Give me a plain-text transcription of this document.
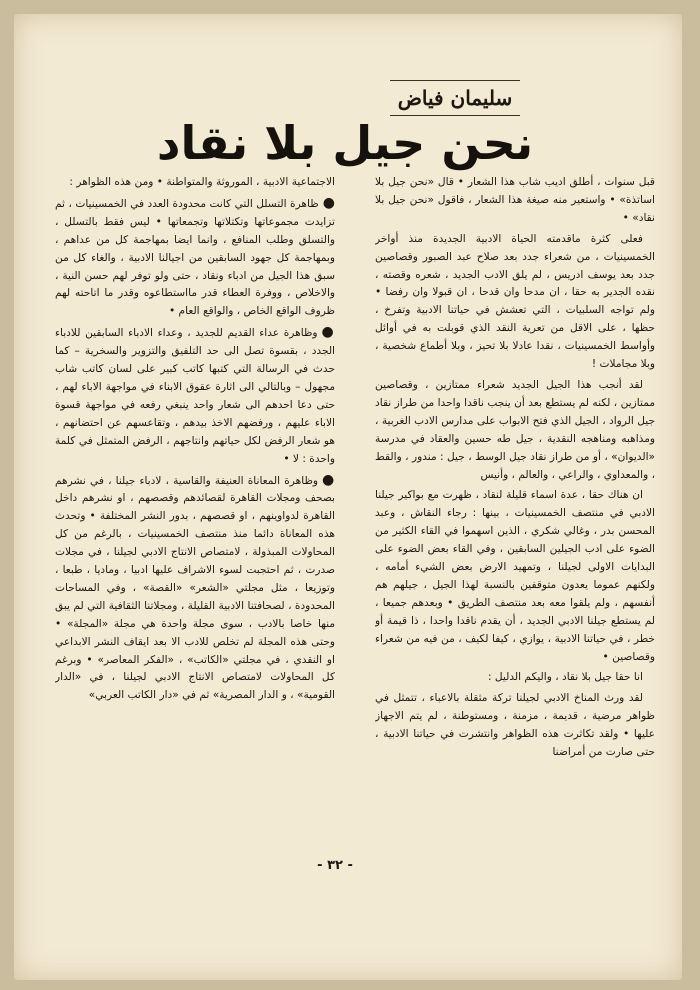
سليمان فياض
نحن جيل بلا نقاد

قبل سنوات ، أطلق اديب شاب هذا الشعار • قال «نحن جيل بلا اساتذة» • واستعير منه صيغة هذا الشعار ، فاقول «نحن جيل بلا نقاد» •

فعلى كثرة ماقدمته الحياة الادبية الجديدة منذ أواخر الخمسينيات ، من شعراء جدد بعد صلاح عبد الصبور وقصاصين جدد بعد يوسف ادريس ، لم يلق الادب الجديد ، شعره وقصته ، نقده الجدير به حقا ، ان مدحا وان قدحا ، ان قبولا وان رفضا • ولم تواجه السلبيات ، التي تعشش في حياتنا الادبية وتفرخ ، حظها ، على الاقل من تعرية النقد الذي قوبلت به في أوائل وأواسط الخمسينيات ، نقدا عادلا بلا تحيز ، وبلا أطماع شخصية ، وبلا مجاملات !

لقد أنجب هذا الجيل الجديد شعراء ممتازين ، وقصاصين ممتازين ، لكنه لم يستطع بعد أن ينجب ناقدا واحدا من طراز نقاد جيل الرواد ، الجيل الذي فتح الابواب على مدارس الادب الغربية ، ومذاهبه ومناهجه النقدية ، جيل طه حسين والعقاد في مدرسة «الديوان» ، أو من طراز نقاد جيل الوسط ، جيل : مندور ، والقط ، والمعداوي ، والراعي ، والعالم ، وأنيس

ان هناك حقا ، عدة اسماء قليلة لنقاد ، ظهرت مع بواكير جيلنا الادبي في منتصف الخمسينيات ، بينها : رجاء النقاش ، وعبد المحسن بدر ، وغالي شكري ، الذين اسهموا في القاء الكثير من الضوء على ادب الجيلين السابقين ، وفي القاء بعض الضوء على البدايات الاولى لجيلنا ، وتمهيد الارض بعض الشيء أمامه ، ولكنهم عموما يعدون متوقفين بالنسبة لهذا الجيل ، جيلهم هم أنفسهم ، ولم يلقوا معه بعد منتصف الطريق • وبعدهم جميعا ، لم يستطع جيلنا الادبي الجديد ، أن يقدم ناقدا واحدا ، ذا قيمة أو خطر ، في حياتنا الادبية ، يوازي ، كيفا لكيف ، من فيه من شعراء وقصاصين •

انا حقا جيل بلا نقاد ، واليكم الدليل :

لقد ورث المناخ الادبي لجيلنا تركة مثقلة بالاعباء ، تتمثل في ظواهر مرضية ، قديمة ، مزمنة ، ومستوطنة ، لم يتم الاجهاز عليها • ولقد تكاثرت هذه الظواهر وانتشرت في حياتنا الادبية ، حتى صارت من أمراضنا

الاجتماعية الادبية ، الموروثة والمتواطنة • ومن هذه الظواهر :

●ظاهرة التسلل التي كانت محدودة العدد في الخمسينيات ، ثم تزايدت مجموعاتها وتكتلاتها وتجمعاتها • ليس فقط بالتسلل ، والتسلق وطلب المنافع ، وانما ايضا بمهاجمة كل من عداهم ، وبمهاجمة كل جهود السابقين من اجيالنا الادبية ، والغاء كل من سبق هذا الجيل من ادباء ونقاد ، حتى ولو توفر لهم حسن النية ، والاخلاص ، ووفرة العطاء قدر مااستطاعوه وقدر ما اتاحته لهم ظروف الواقع الخاص ، والواقع العام •

●وظاهرة عداء القديم للجديد ، وعداء الادباء السابقين للادباء الجدد ، بقسوة تصل الى حد التلفيق والتزوير والسخرية – كما حدث في الرسالة التي كتبها كاتب كبير على لسان كاتب شاب مجهول – وبالتالي الى اثارة عقوق الابناء في مواجهة الاباء لهم ، حتى دعا احدهم الى شعار واحد ينبغي رفعه في مواجهة قسوة الاباء عليهم ، ورفضهم الاخذ بيدهم ، وتقاعسهم عن احتضانهم ، هو شعار الرفض لكل حياتهم وانتاجهم ، الرفض المتمثل في كلمة واحدة : لا •

●وظاهرة المعاناة العنيفة والقاسية ، لادباء جيلنا ، في نشرهم بصحف ومجلات القاهرة لقصائدهم وقصصهم ، او نشرهم داخل القاهرة لدواوينهم ، او قصصهم ، بدور النشر المختلفة • وتحدث هذه المعاناة دائما منذ منتصف الخمسينيات ، بالرغم من كل المحاولات المبذولة ، لامتصاص الانتاج الادبي لجيلنا ، في مجلات صدرت ، ثم احتجبت لسوء الاشراف عليها ادبيا ، وماديا ، طبعا ، وتوزيعا ، مثل مجلتي «الشعر» «القصة» ، وفي المساحات المحدودة ، لصحافتنا الادبية القليلة ، ومجلاتنا الثقافية التي لم يبق منها خاصا بالادب ، سوى مجلة واحدة هي مجلة «المجلة» • وحتى هذه المجلة لم تخلص للادب الا بعد ايقاف النشر الابداعي او النقدي ، في مجلتي «الكاتب» ، «الفكر المعاصر» • وبرغم كل المحاولات لامتصاص الانتاج الادبي لجيلنا ، في «الدار القومية» ، و الدار المصرية» ثم في «دار الكاتب العربي»

- ٣٢ -
